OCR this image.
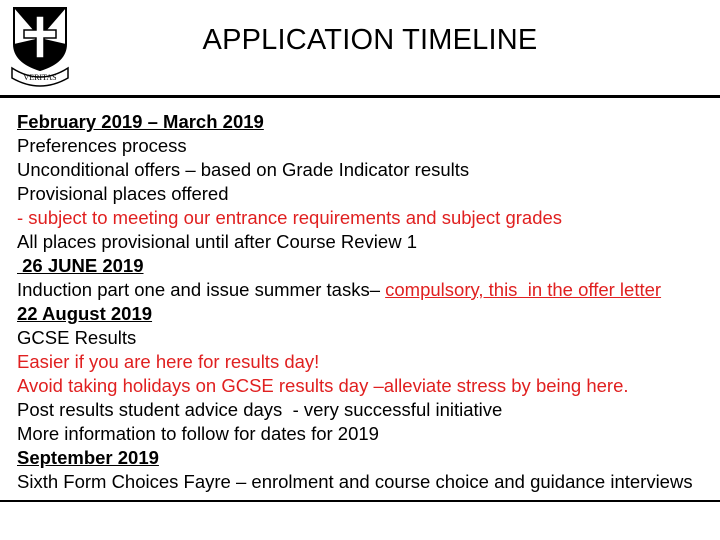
VERITAS
APPLICATION TIMELINE
February 2019 – March 2019
Preferences process
Unconditional offers – based on Grade Indicator results
Provisional places offered
- subject to meeting our entrance requirements and subject grades
All places provisional until after Course Review 1
26 JUNE 2019
Induction part one and issue summer tasks– compulsory, this  in the offer letter
22 August 2019
GCSE Results
Easier if you are here for results day!
Avoid taking holidays on GCSE results day –alleviate stress by being here.
Post results student advice days  - very successful initiative
More information to follow for dates for 2019
September 2019
Sixth Form Choices Fayre – enrolment and course choice and guidance interviews
